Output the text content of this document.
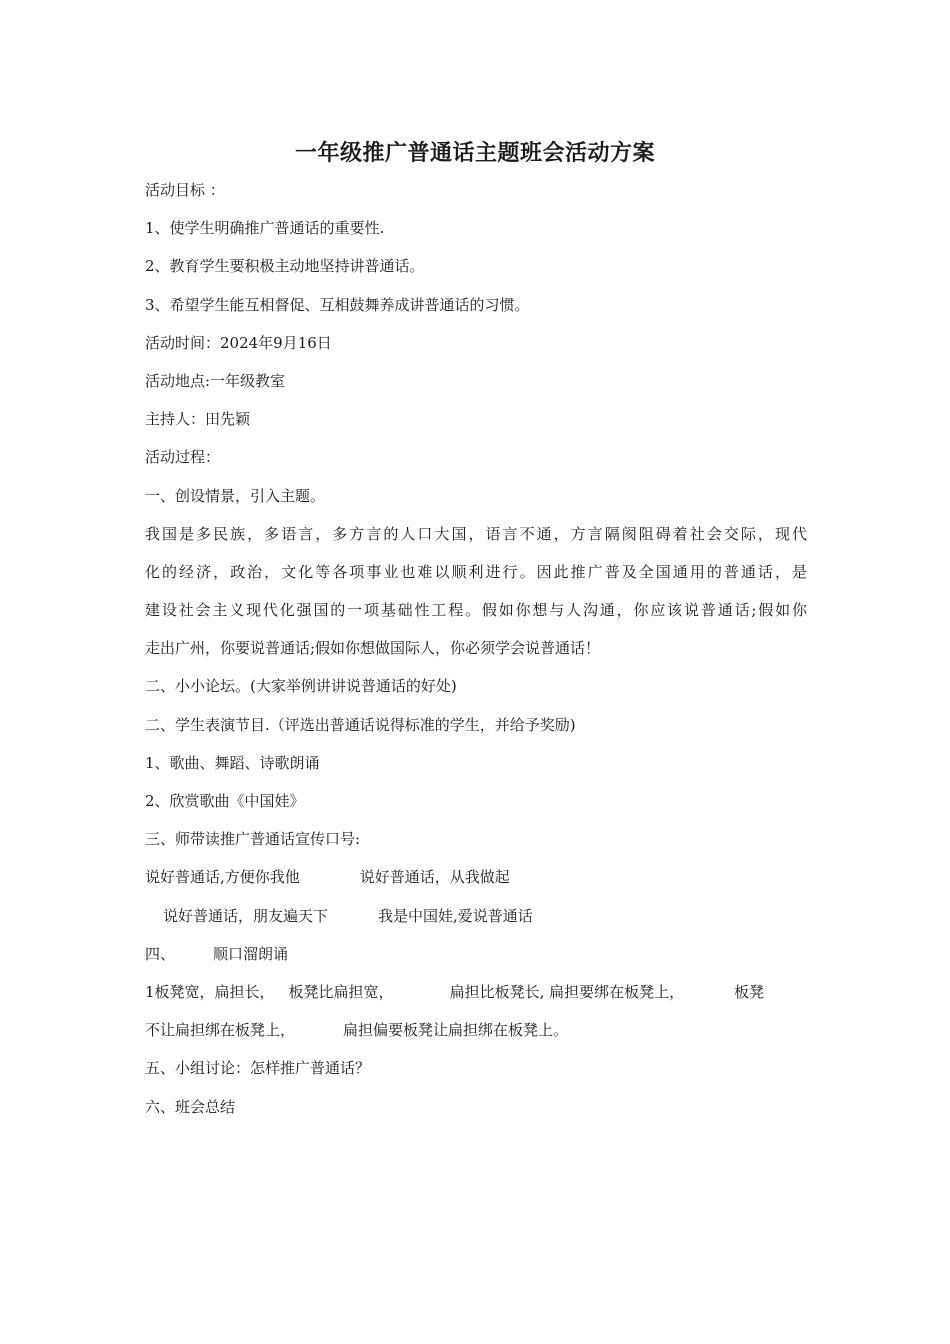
一年级推广普通话主题班会活动方案
活动目标 ：
1、使学生明确推广普通话的重要性.
2、教育学生要积极主动地坚持讲普通话。
3、希望学生能互相督促、互相鼓舞养成讲普通话的习惯。
活动时间：2024年9月16日
活动地点:一年级教室
主持人：田先颖
活动过程：
一、创设情景，引入主题。
我国是多民族，多语言，多方言的人口大国，语言不通，方言隔阂阻碍着社会交际，现代
化的经济，政治，文化等各项事业也难以顺利进行。因此推广普及全国通用的普通话，是
建设社会主义现代化强国的一项基础性工程。假如你想与人沟通，你应该说普通话;假如你
走出广州，你要说普通话;假如你想做国际人，你必须学会说普通话！
二、小小论坛。(大家举例讲讲说普通话的好处)
二、学生表演节目.（评选出普通话说得标准的学生，并给予奖励)
1、歌曲、舞蹈、诗歌朗诵
2、欣赏歌曲《中国娃》
三、师带读推广普通话宣传口号:
说好普通话,方便你我他	说好普通话，从我做起
说好普通话，朋友遍天下	我是中国娃,爱说普通话
四、	顺口溜朗诵
1板凳宽，扁担长， 板凳比扁担宽，	扁担比板凳长, 扁担要绑在板凳上，	板凳
不让扁担绑在板凳上，	扁担偏要板凳让扁担绑在板凳上。
五、小组讨论：怎样推广普通话？
六、班会总结
